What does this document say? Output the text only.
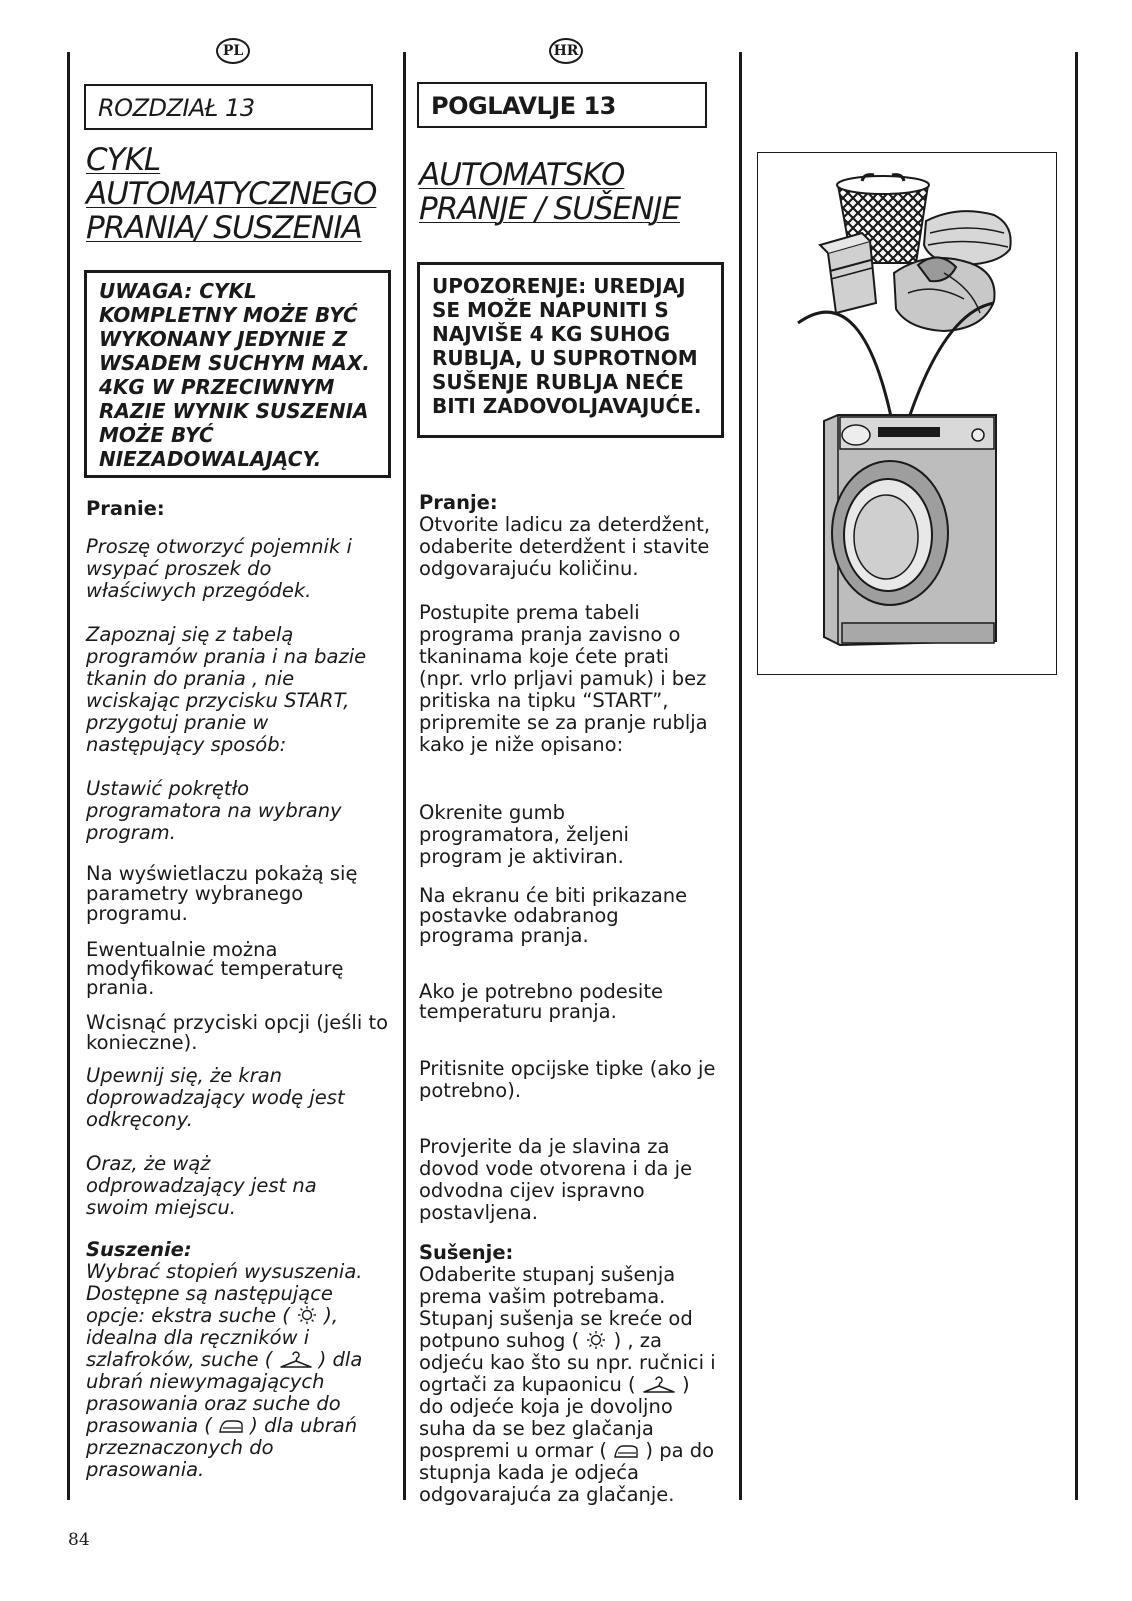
PL	HR
ROZDZIAŁ 13
CYKL
AUTOMATYCZNEGO
PRANIA/ SUSZENIA
UWAGA: CYKL
KOMPLETNY MOŻE BYĆ
WYKONANY JEDYNIE Z
WSADEM SUCHYM MAX.
4KG W PRZECIWNYM
RAZIE WYNIK SUSZENIA
MOŻE BYĆ
NIEZADOWALAJĄCY.
POGLAVLJE 13
AUTOMATSKO
PRANJE / SUŠENJE
UPOZORENJE: UREDJAJ
SE MOŽE NAPUNITI S
NAJVIŠE 4 KG SUHOG
RUBLJA, U SUPROTNOM
SUŠENJE RUBLJA NEĆE
BITI ZADOVOLJAVAJUĆE.

Pranie:

Proszę otworzyć pojemnik i
wsypać proszek do
właściwych przegódek.

Zapoznaj się z tabelą
programów prania i na bazie
tkanin do prania , nie
wciskając przycisku START,
przygotuj pranie w
następujący sposób:

Ustawić pokrętło
programatora na wybrany
program.

Na wyświetlaczu pokażą się
parametry wybranego
programu.

Ewentualnie można
modyfikować temperaturę
prania.

Wcisnąć przyciski opcji (jeśli to
konieczne).

Upewnij się, że kran
doprowadzający wodę jest
odkręcony.

Oraz, że wąż
odprowadzający jest na
swoim miejscu.

Suszenie:

Wybrać stopień wysuszenia.
Dostępne są następujące
opcje: ekstra suche ( ),
idealna dla ręczników i
szlafroków, suche ( ) dla
ubrań niewymagających
prasowania oraz suche do
prasowania ( ) dla ubrań
przeznaczonych do
prasowania.

Pranje:

Otvorite ladicu za deterdžent,
odaberite deterdžent i stavite
odgovarajuću količinu.

Postupite prema tabeli
programa pranja zavisno o
tkaninama koje ćete prati
(npr. vrlo prljavi pamuk) i bez
pritiska na tipku “START”,
pripremite se za pranje rublja
kako je niže opisano:

Okrenite gumb
programatora, željeni
program je aktiviran.

Na ekranu će biti prikazane
postavke odabranog
programa pranja.

Ako je potrebno podesite
temperaturu pranja.

Pritisnite opcijske tipke (ako je
potrebno).

Provjerite da je slavina za
dovod vode otvorena i da je
odvodna cijev ispravno
postavljena.

Sušenje:

Odaberite stupanj sušenja
prema vašim potrebama.
Stupanj sušenja se kreće od
potpuno suhog ( ) , za
odjeću kao što su npr. ručnici i
ogrtači za kupaonicu ( )
do odjeće koja je dovoljno
suha da se bez glačanja
pospremi u ormar ( ) pa do
stupnja kada je odjeća
odgovarajuća za glačanje.

84
